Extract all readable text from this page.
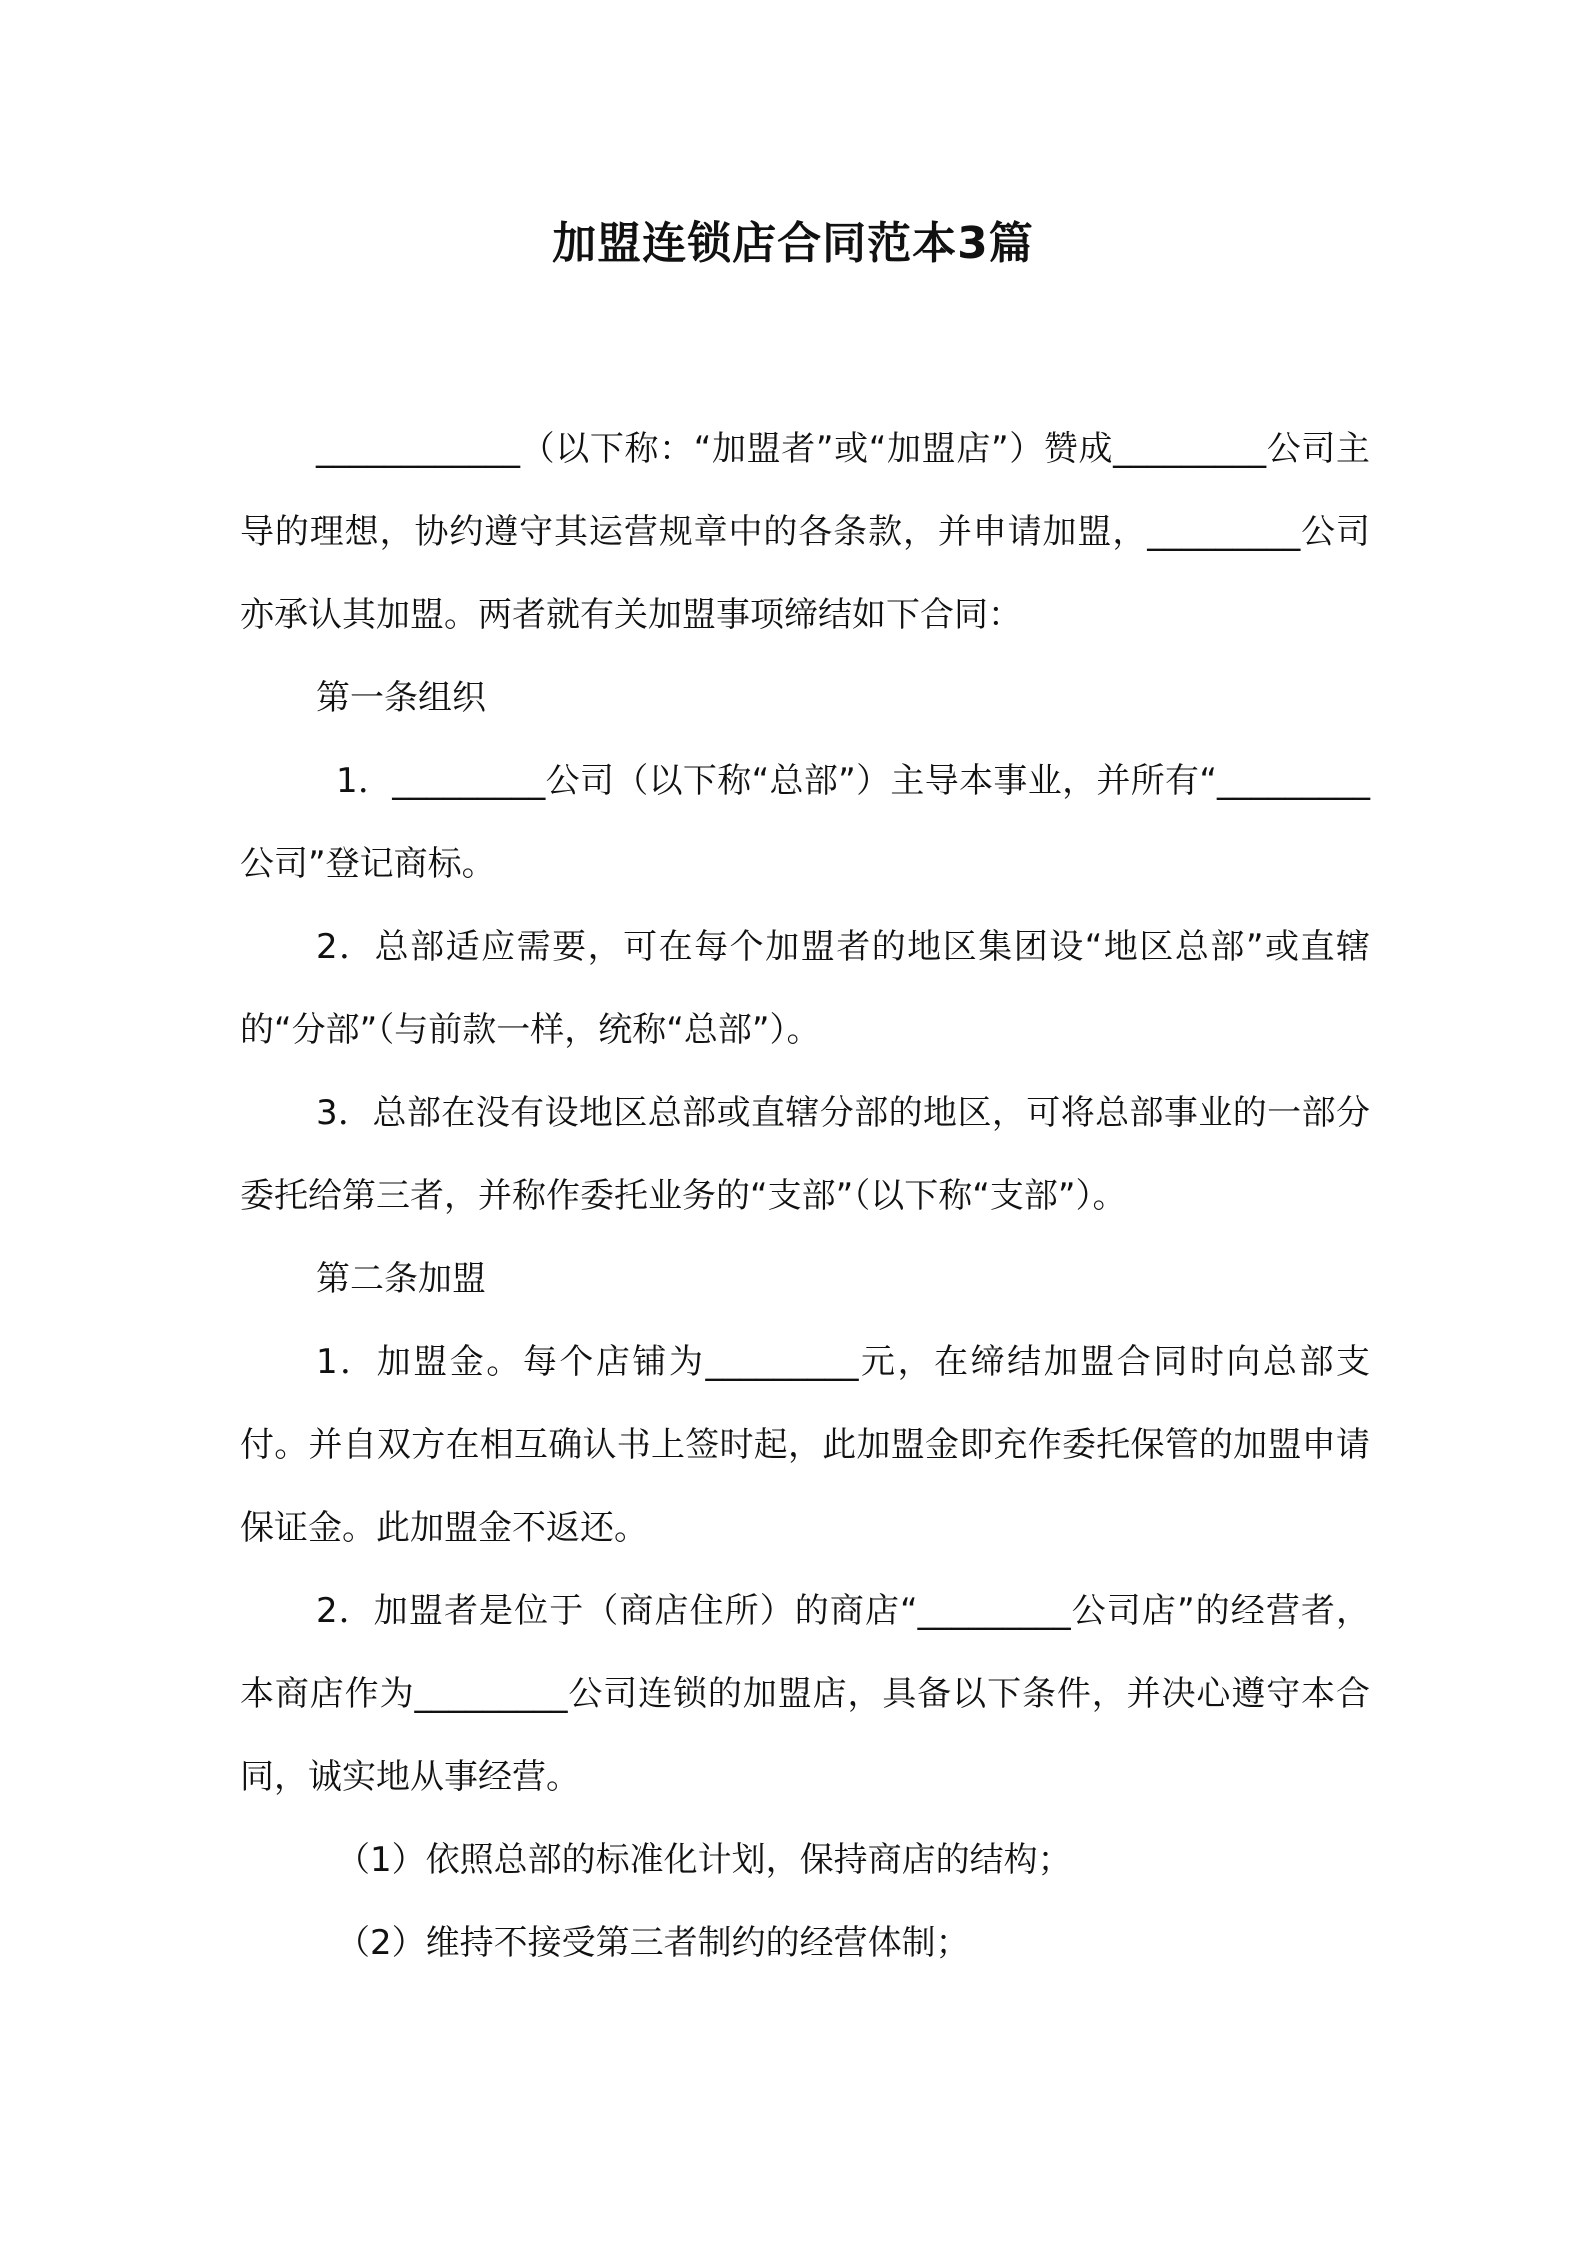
加盟连锁店合同范本3篇

____________（以下称：“加盟者”或“加盟店”）赞成_________公司主导的理想，协约遵守其运营规章中的各条款，并申请加盟，_________公司亦承认其加盟。两者就有关加盟事项缔结如下合同：

第一条组织

1．_________公司（以下称“总部”）主导本事业，并所有“_________公司”登记商标。

2．总部适应需要，可在每个加盟者的地区集团设“地区总部”或直辖的“分部”（与前款一样，统称“总部”）。

3．总部在没有设地区总部或直辖分部的地区，可将总部事业的一部分委托给第三者，并称作委托业务的“支部”（以下称“支部”）。

第二条加盟

1．加盟金。每个店铺为_________元，在缔结加盟合同时向总部支付。并自双方在相互确认书上签时起，此加盟金即充作委托保管的加盟申请保证金。此加盟金不返还。

2．加盟者是位于（商店住所）的商店“_________公司店”的经营者，本商店作为_________公司连锁的加盟店，具备以下条件，并决心遵守本合同，诚实地从事经营。

（1）依照总部的标准化计划，保持商店的结构；

（2）维持不接受第三者制约的经营体制；
